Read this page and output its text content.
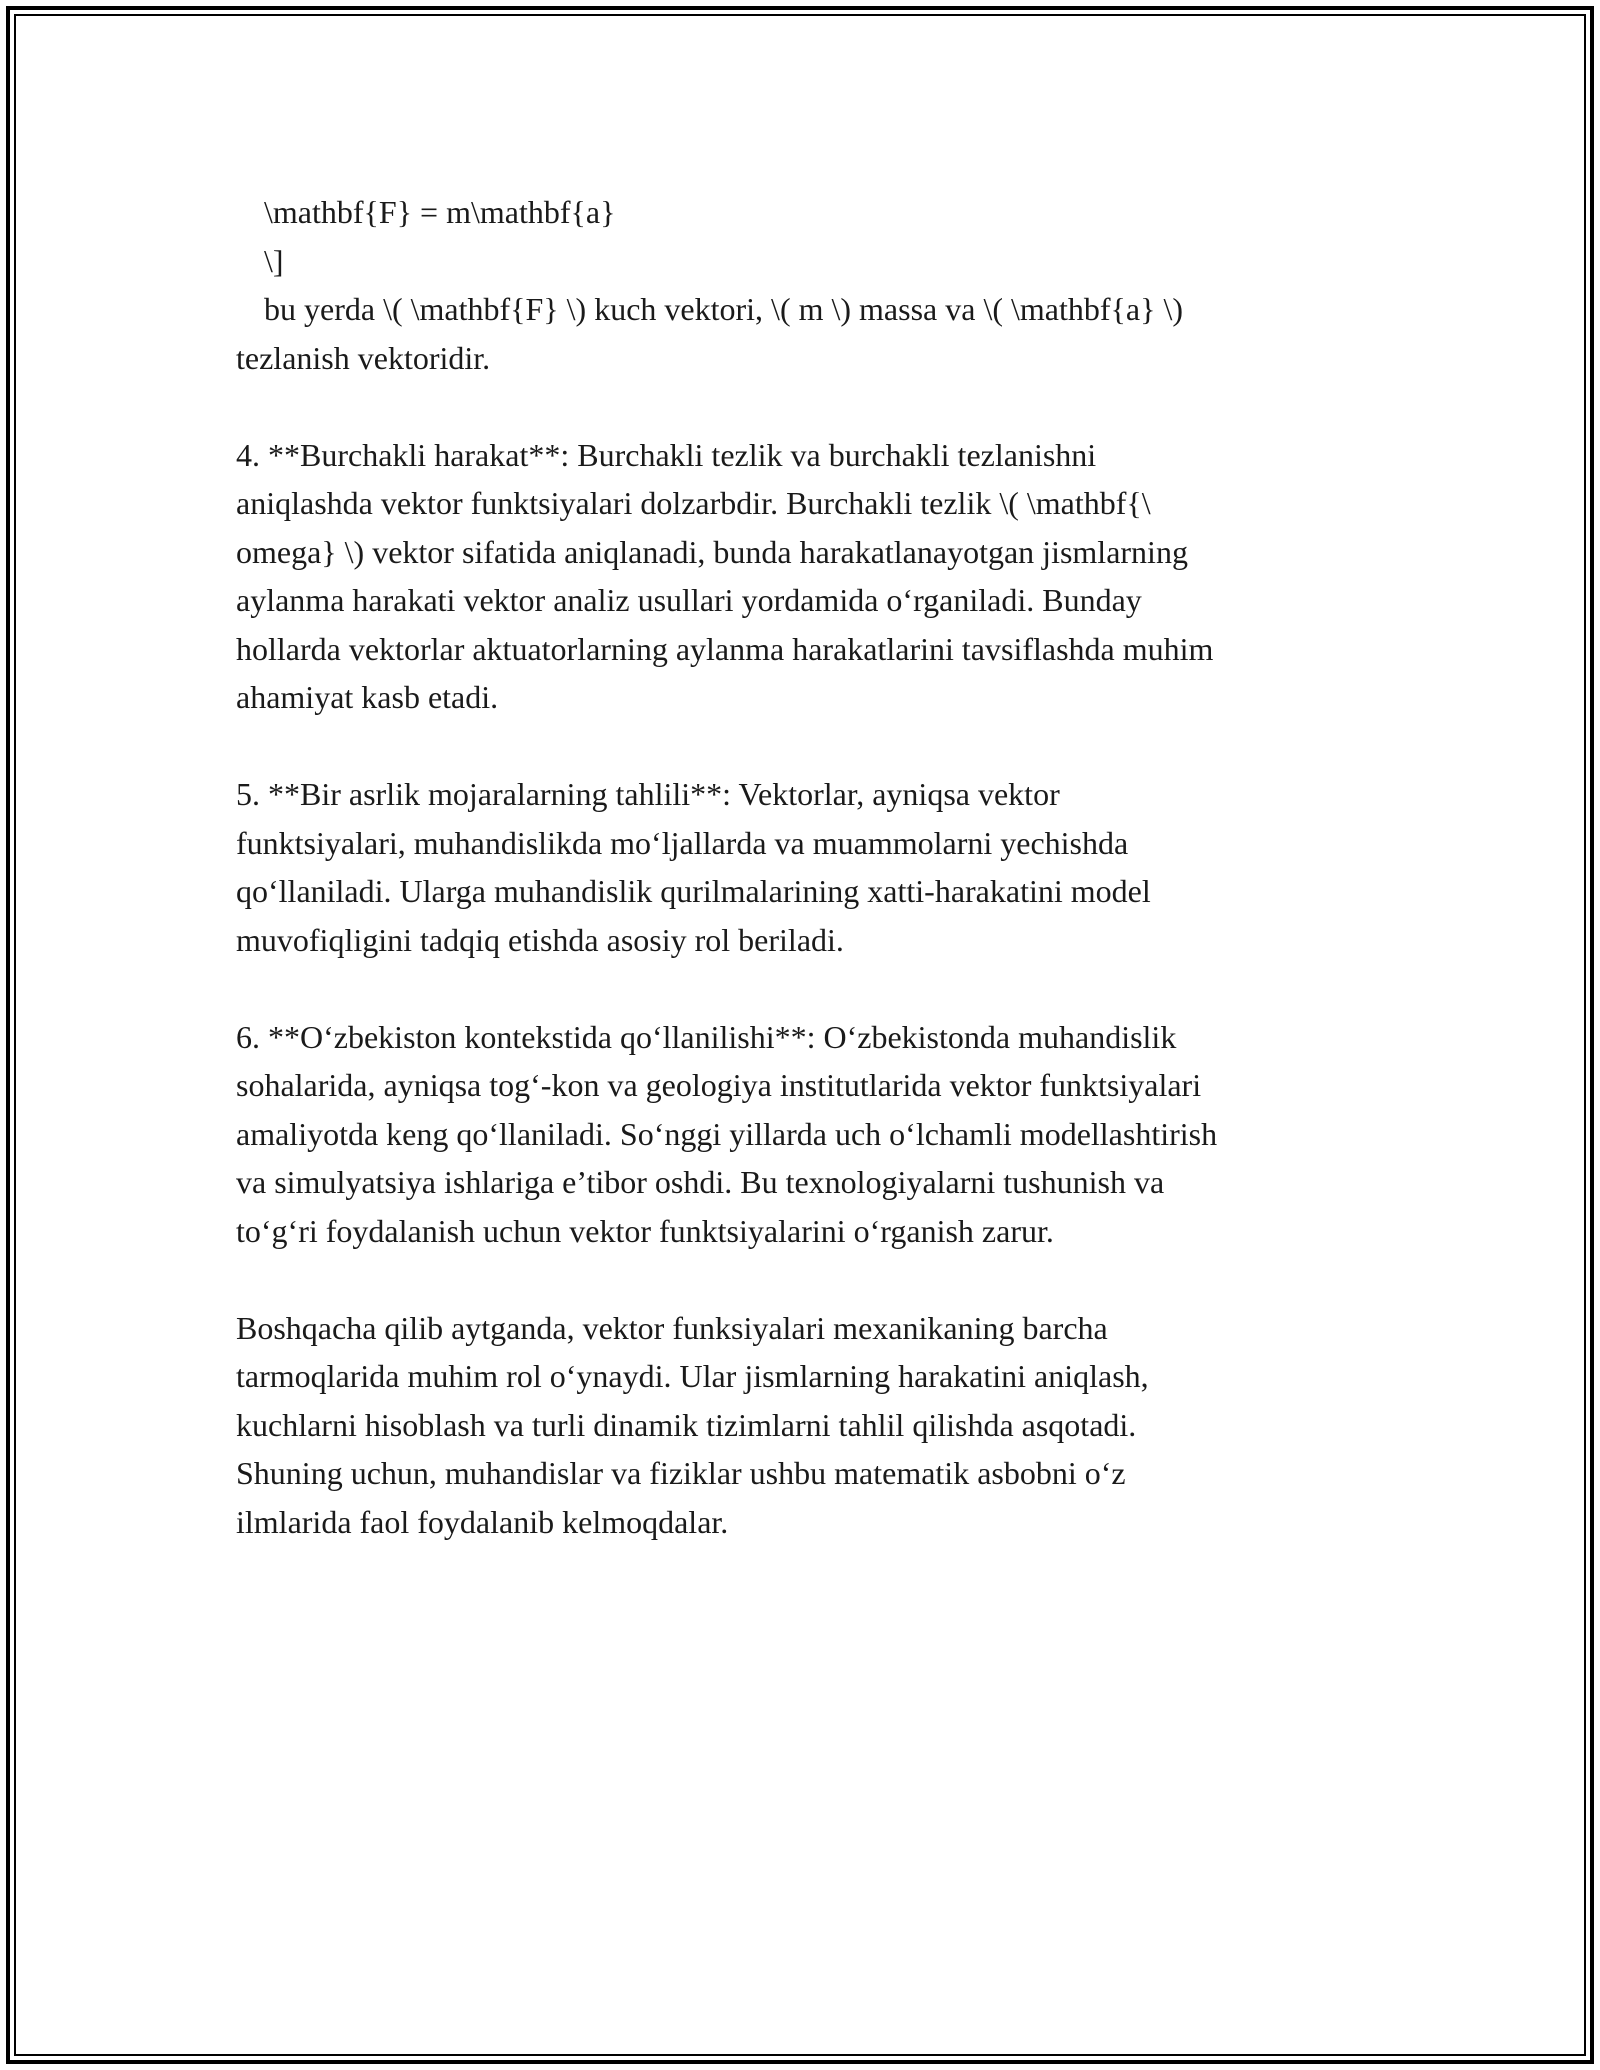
\mathbf{F} = m\mathbf{a}

\]

bu yerda \( \mathbf{F} \) kuch vektori, \( m \) massa va \( \mathbf{a} \)

tezlanish vektoridir.

4. **Burchakli harakat**: Burchakli tezlik va burchakli tezlanishni
aniqlashda vektor funktsiyalari dolzarbdir. Burchakli tezlik \( \mathbf{\
omega} \) vektor sifatida aniqlanadi, bunda harakatlanayotgan jismlarning
aylanma harakati vektor analiz usullari yordamida o‘rganiladi. Bunday
hollarda vektorlar aktuatorlarning aylanma harakatlarini tavsiflashda muhim
ahamiyat kasb etadi.

5. **Bir asrlik mojaralarning tahlili**: Vektorlar, ayniqsa vektor
funktsiyalari, muhandislikda mo‘ljallarda va muammolarni yechishda
qo‘llaniladi. Ularga muhandislik qurilmalarining xatti-harakatini model
muvofiqligini tadqiq etishda asosiy rol beriladi.

6. **O‘zbekiston kontekstida qo‘llanilishi**: O‘zbekistonda muhandislik
sohalarida, ayniqsa tog‘-kon va geologiya institutlarida vektor funktsiyalari
amaliyotda keng qo‘llaniladi. So‘nggi yillarda uch o‘lchamli modellashtirish
va simulyatsiya ishlariga e’tibor oshdi. Bu texnologiyalarni tushunish va
to‘g‘ri foydalanish uchun vektor funktsiyalarini o‘rganish zarur.

Boshqacha qilib aytganda, vektor funksiyalari mexanikaning barcha
tarmoqlarida muhim rol o‘ynaydi. Ular jismlarning harakatini aniqlash,
kuchlarni hisoblash va turli dinamik tizimlarni tahlil qilishda asqotadi.
Shuning uchun, muhandislar va fiziklar ushbu matematik asbobni o‘z
ilmlarida faol foydalanib kelmoqdalar.
